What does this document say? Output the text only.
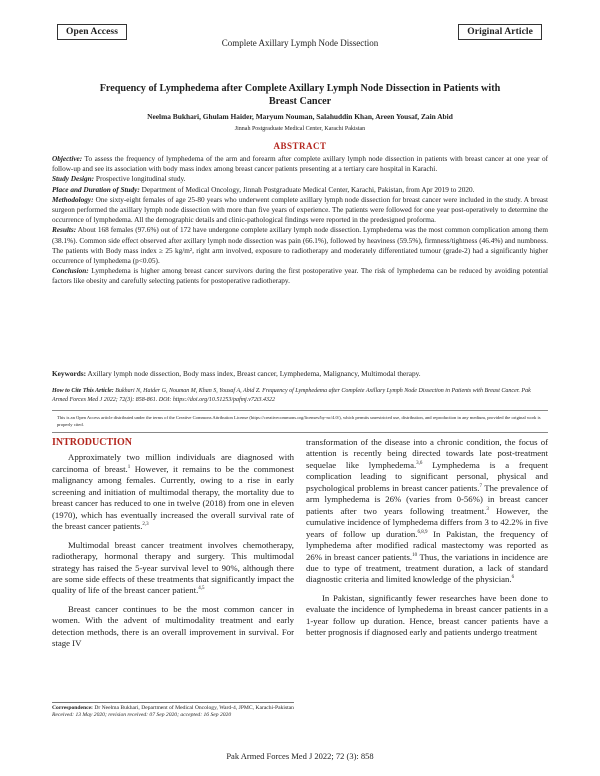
Open Access
Complete Axillary Lymph Node Dissection
Original Article
Frequency of Lymphedema after Complete Axillary Lymph Node Dissection in Patients with Breast Cancer
Neelma Bukhari, Ghulam Haider, Maryum Nouman, Salahuddin Khan, Areen Yousaf, Zain Abid
Jinnah Postgraduate Medical Center, Karachi Pakistan
ABSTRACT

Objective: To assess the frequency of lymphedema of the arm and forearm after complete axillary lymph node dissection in patients with breast cancer at one year of follow-up and see its association with body mass index among breast cancer patients presenting at a tertiary care hospital in Karachi.

Study Design: Prospective longitudinal study.

Place and Duration of Study: Department of Medical Oncology, Jinnah Postgraduate Medical Center, Karachi, Pakistan, from Apr 2019 to 2020.

Methodology: One sixty-eight females of age 25-80 years who underwent complete axillary lymph node dissection for breast cancer were included in the study. A breast surgeon performed the axillary lymph node dissection with more than five years of experience. The patients were followed for one year post-operatively to determine the occurrence of lymphedema. All the demographic details and clinic-pathological findings were reported in the predesigned proforma.

Results: About 168 females (97.6%) out of 172 have undergone complete axillary lymph node dissection. Lymphedema was the most common complication among them (38.1%). Common side effect observed after axillary lymph node dissection was pain (66.1%), followed by heaviness (59.5%), firmness/tightness (46.4%) and numbness. The patients with Body mass index ≥ 25 kg/m², right arm involved, exposure to radiotherapy and moderately differentiated tumour (grade-2) had a significantly higher occurrence of lymphedema (p<0.05).

Conclusion: Lymphedema is higher among breast cancer survivors during the first postoperative year. The risk of lymphedema can be reduced by avoiding potential factors like obesity and carefully selecting patients for postoperative radiotherapy.

Keywords: Axillary lymph node dissection, Body mass index, Breast cancer, Lymphedema, Malignancy, Multimodal therapy.
How to Cite This Article: Bukhari N, Haider G, Nouman M, Khan S, Yousaf A, Abid Z. Frequency of Lymphedema after Complete Axillary Lymph Node Dissection in Patients with Breast Cancer. Pak Armed Forces Med J 2022; 72(3): 858-861. DOI: https://doi.org/10.51253/pafmj.v72i3.4322
This is an Open Access article distributed under the terms of the Creative Commons Attribution License (https://creativecommons.org/licenses/by-nc/4.0/), which permits unrestricted use, distribution, and reproduction in any medium, provided the original work is properly cited.

INTRODUCTION

Approximately two million individuals are diagnosed with carcinoma of breast.$^1$ However, it remains to be the commonest malignancy among females. Currently, owing to a rise in early screening and initiation of multimodal therapy, the mortality due to breast cancer has reduced to one in twelve (2018) from one in eleven (1970), which has eventually increased the overall survival rate of the breast cancer patients.$^{2,3}$

Multimodal breast cancer treatment involves chemotherapy, radiotherapy, hormonal therapy and surgery. This multimodal strategy has raised the 5-year survival level to 90%, although there are some side effects of these treatments that significantly impact the quality of life of the breast cancer patient.$^{4,5}$

Breast cancer continues to be the most common cancer in women. With the advent of multimodality treatment and early detection methods, there is an overall improvement in survival. For stage IV

transformation of the disease into a chronic condition, the focus of attention is recently being directed towards late post-treatment sequelae like lymphedema.$^{3,6}$ Lymphedema is a frequent complication leading to significant personal, physical and psychological problems in breast cancer patients.$^7$ The prevalence of arm lymphedema is 26% (varies from 0-56%) in breast cancer patients after two years following treatment.$^3$ However, the cumulative incidence of lymphedema differs from 3 to 42.2% in five years of follow up duration.$^{6,8,9}$ In Pakistan, the frequency of lymphedema after modified radical mastectomy was reported as 26% in breast cancer patients.$^{10}$ Thus, the variations in incidence are due to type of treatment, treatment duration, a lack of standard diagnostic criteria and limited knowledge of the physician.$^6$

In Pakistan, significantly fewer researches have been done to evaluate the incidence of lymphedema in breast cancer patients in a 1-year follow up duration. Hence, breast cancer patients have a better prognosis if diagnosed early and patients undergo treatment

Correspondence: Dr Neelma Bukhari, Department of Medical Oncology, Ward-4, JPMC, Karachi-Pakistan
Received: 13 May 2020; revision received: 07 Sep 2020; accepted: 16 Sep 2020
Pak Armed Forces Med J 2022; 72 (3): 858
